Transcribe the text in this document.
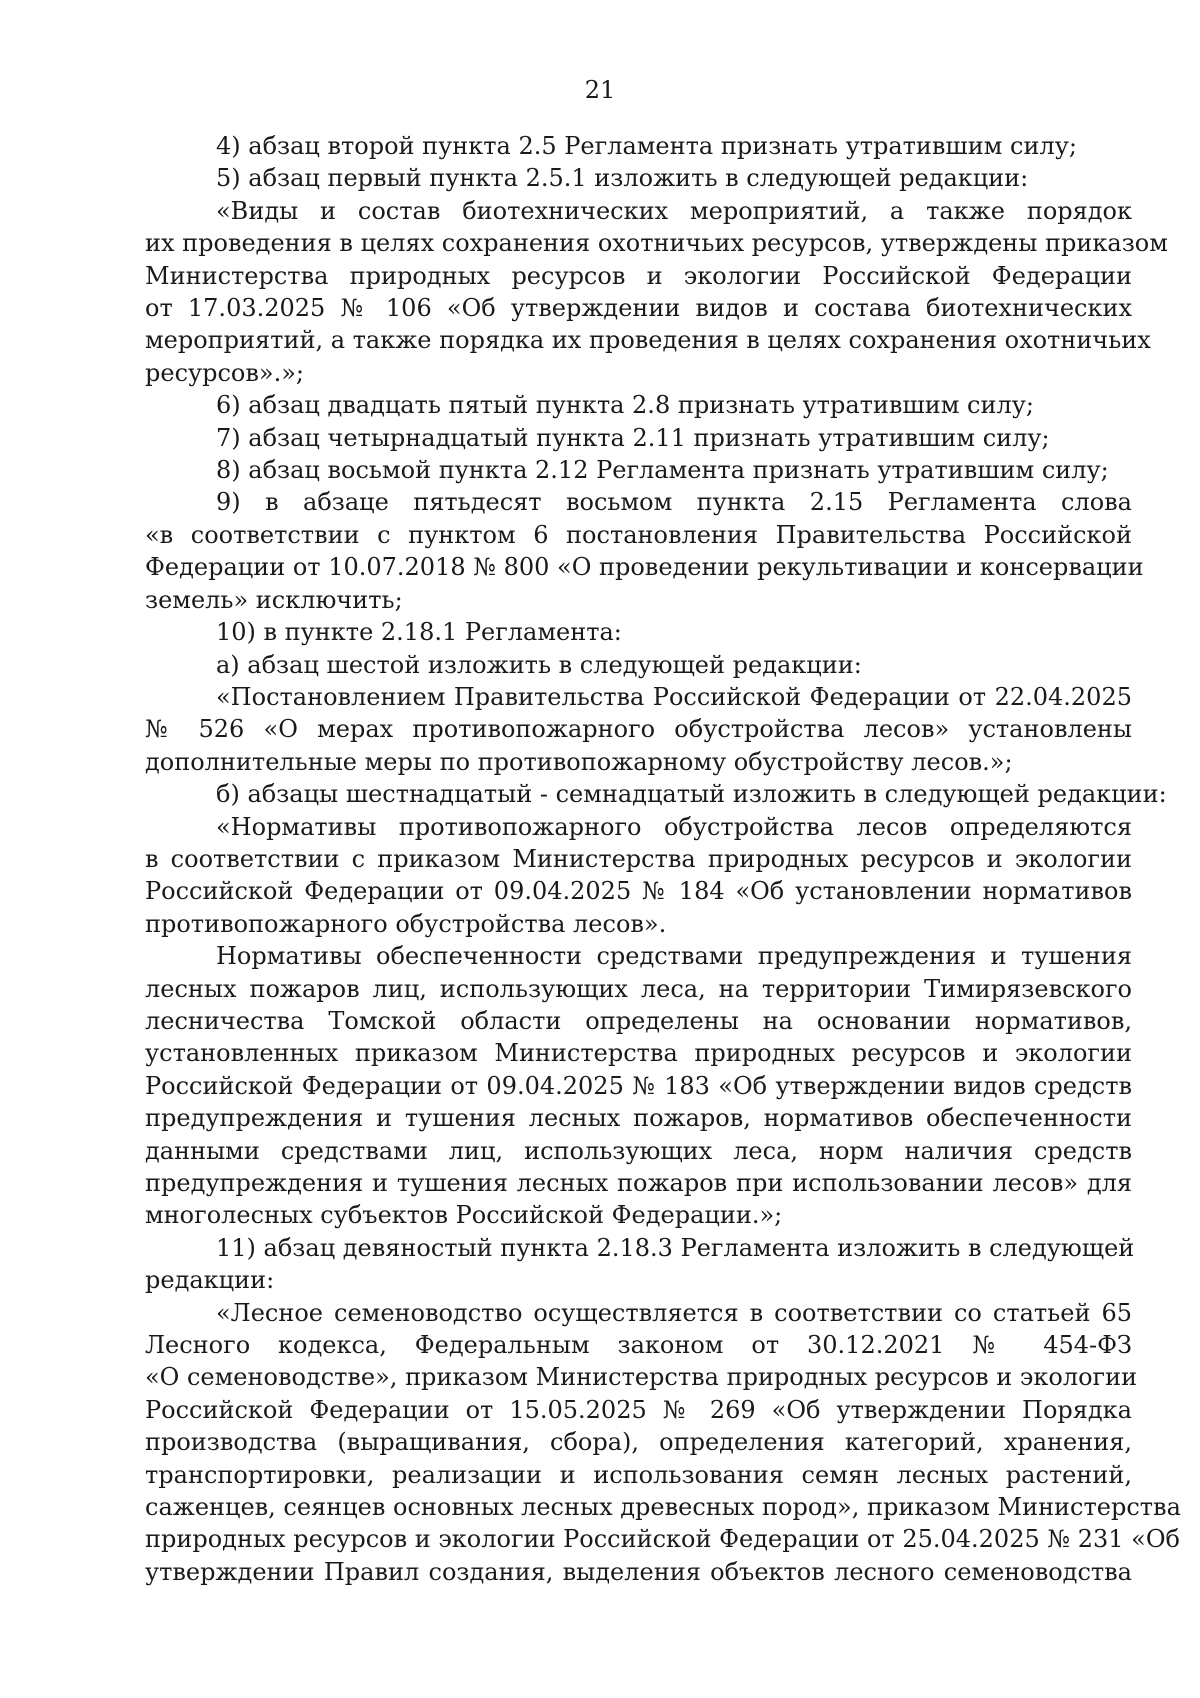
21
4) абзац второй пункта 2.5 Регламента признать утратившим силу;
5) абзац первый пункта 2.5.1 изложить в следующей редакции:
«Виды и состав биотехнических мероприятий, а также порядок
их проведения в целях сохранения охотничьих ресурсов, утверждены приказом
Министерства природных ресурсов и экологии Российской Федерации
от 17.03.2025 № 106 «Об утверждении видов и состава биотехнических
мероприятий, а также порядка их проведения в целях сохранения охотничьих
ресурсов».»;
6) абзац двадцать пятый пункта 2.8 признать утратившим силу;
7) абзац четырнадцатый пункта 2.11 признать утратившим силу;
8) абзац восьмой пункта 2.12 Регламента признать утратившим силу;
9) в абзаце пятьдесят восьмом пункта 2.15 Регламента слова
«в соответствии с пунктом 6 постановления Правительства Российской
Федерации от 10.07.2018 № 800 «О проведении рекультивации и консервации
земель» исключить;
10) в пункте 2.18.1 Регламента:
а) абзац шестой изложить в следующей редакции:
«Постановлением Правительства Российской Федерации от 22.04.2025
№ 526 «О мерах противопожарного обустройства лесов» установлены
дополнительные меры по противопожарному обустройству лесов.»;
б) абзацы шестнадцатый - семнадцатый изложить в следующей редакции:
«Нормативы противопожарного обустройства лесов определяются
в соответствии с приказом Министерства природных ресурсов и экологии
Российской Федерации от 09.04.2025 № 184 «Об установлении нормативов
противопожарного обустройства лесов».
Нормативы обеспеченности средствами предупреждения и тушения
лесных пожаров лиц, использующих леса, на территории Тимирязевского
лесничества Томской области определены на основании нормативов,
установленных приказом Министерства природных ресурсов и экологии
Российской Федерации от 09.04.2025 № 183 «Об утверждении видов средств
предупреждения и тушения лесных пожаров, нормативов обеспеченности
данными средствами лиц, использующих леса, норм наличия средств
предупреждения и тушения лесных пожаров при использовании лесов» для
многолесных субъектов Российской Федерации.»;
11) абзац девяностый пункта 2.18.3 Регламента изложить в следующей
редакции:
«Лесное семеноводство осуществляется в соответствии со статьей 65
Лесного кодекса, Федеральным законом от 30.12.2021 № 454-ФЗ
«О семеноводстве», приказом Министерства природных ресурсов и экологии
Российской Федерации от 15.05.2025 № 269 «Об утверждении Порядка
производства (выращивания, сбора), определения категорий, хранения,
транспортировки, реализации и использования семян лесных растений,
саженцев, сеянцев основных лесных древесных пород», приказом Министерства
природных ресурсов и экологии Российской Федерации от 25.04.2025 № 231 «Об
утверждении Правил создания, выделения объектов лесного семеноводства
